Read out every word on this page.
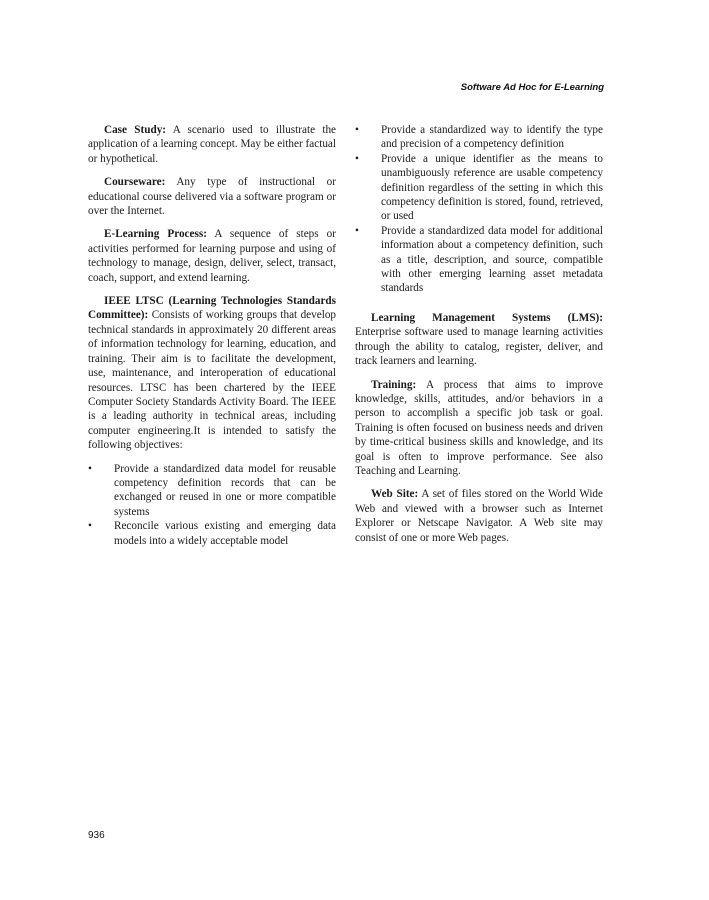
Software Ad Hoc for E-Learning

Case Study: A scenario used to illustrate the application of a learning concept. May be either factual or hypothetical.

Courseware: Any type of instructional or educational course delivered via a software program or over the Internet.

E-Learning Process: A sequence of steps or activities performed for learning purpose and using of technology to manage, design, deliver, select, transact, coach, support, and extend learning.

IEEE LTSC (Learning Technologies Standards Committee): Consists of working groups that develop technical standards in approximately 20 different areas of information technology for learning, education, and training. Their aim is to facilitate the development, use, maintenance, and interoperation of educational resources. LTSC has been chartered by the IEEE Computer Society Standards Activity Board. The IEEE is a leading authority in technical areas, including computer engineering.It is intended to satisfy the following objectives:

• Provide a standardized data model for reusable competency definition records that can be exchanged or reused in one or more compatible systems
• Reconcile various existing and emerging data models into a widely acceptable model
• Provide a standardized way to identify the type and precision of a competency definition
• Provide a unique identifier as the means to unambiguously reference are usable competency definition regardless of the setting in which this competency definition is stored, found, retrieved, or used
• Provide a standardized data model for additional information about a competency definition, such as a title, description, and source, compatible with other emerging learning asset metadata standards

Learning Management Systems (LMS): Enterprise software used to manage learning activities through the ability to catalog, register, deliver, and track learners and learning.

Training: A process that aims to improve knowledge, skills, attitudes, and/or behaviors in a person to accomplish a specific job task or goal. Training is often focused on business needs and driven by time-critical business skills and knowledge, and its goal is often to improve performance. See also Teaching and Learning.

Web Site: A set of files stored on the World Wide Web and viewed with a browser such as Internet Explorer or Netscape Navigator. A Web site may consist of one or more Web pages.

936
